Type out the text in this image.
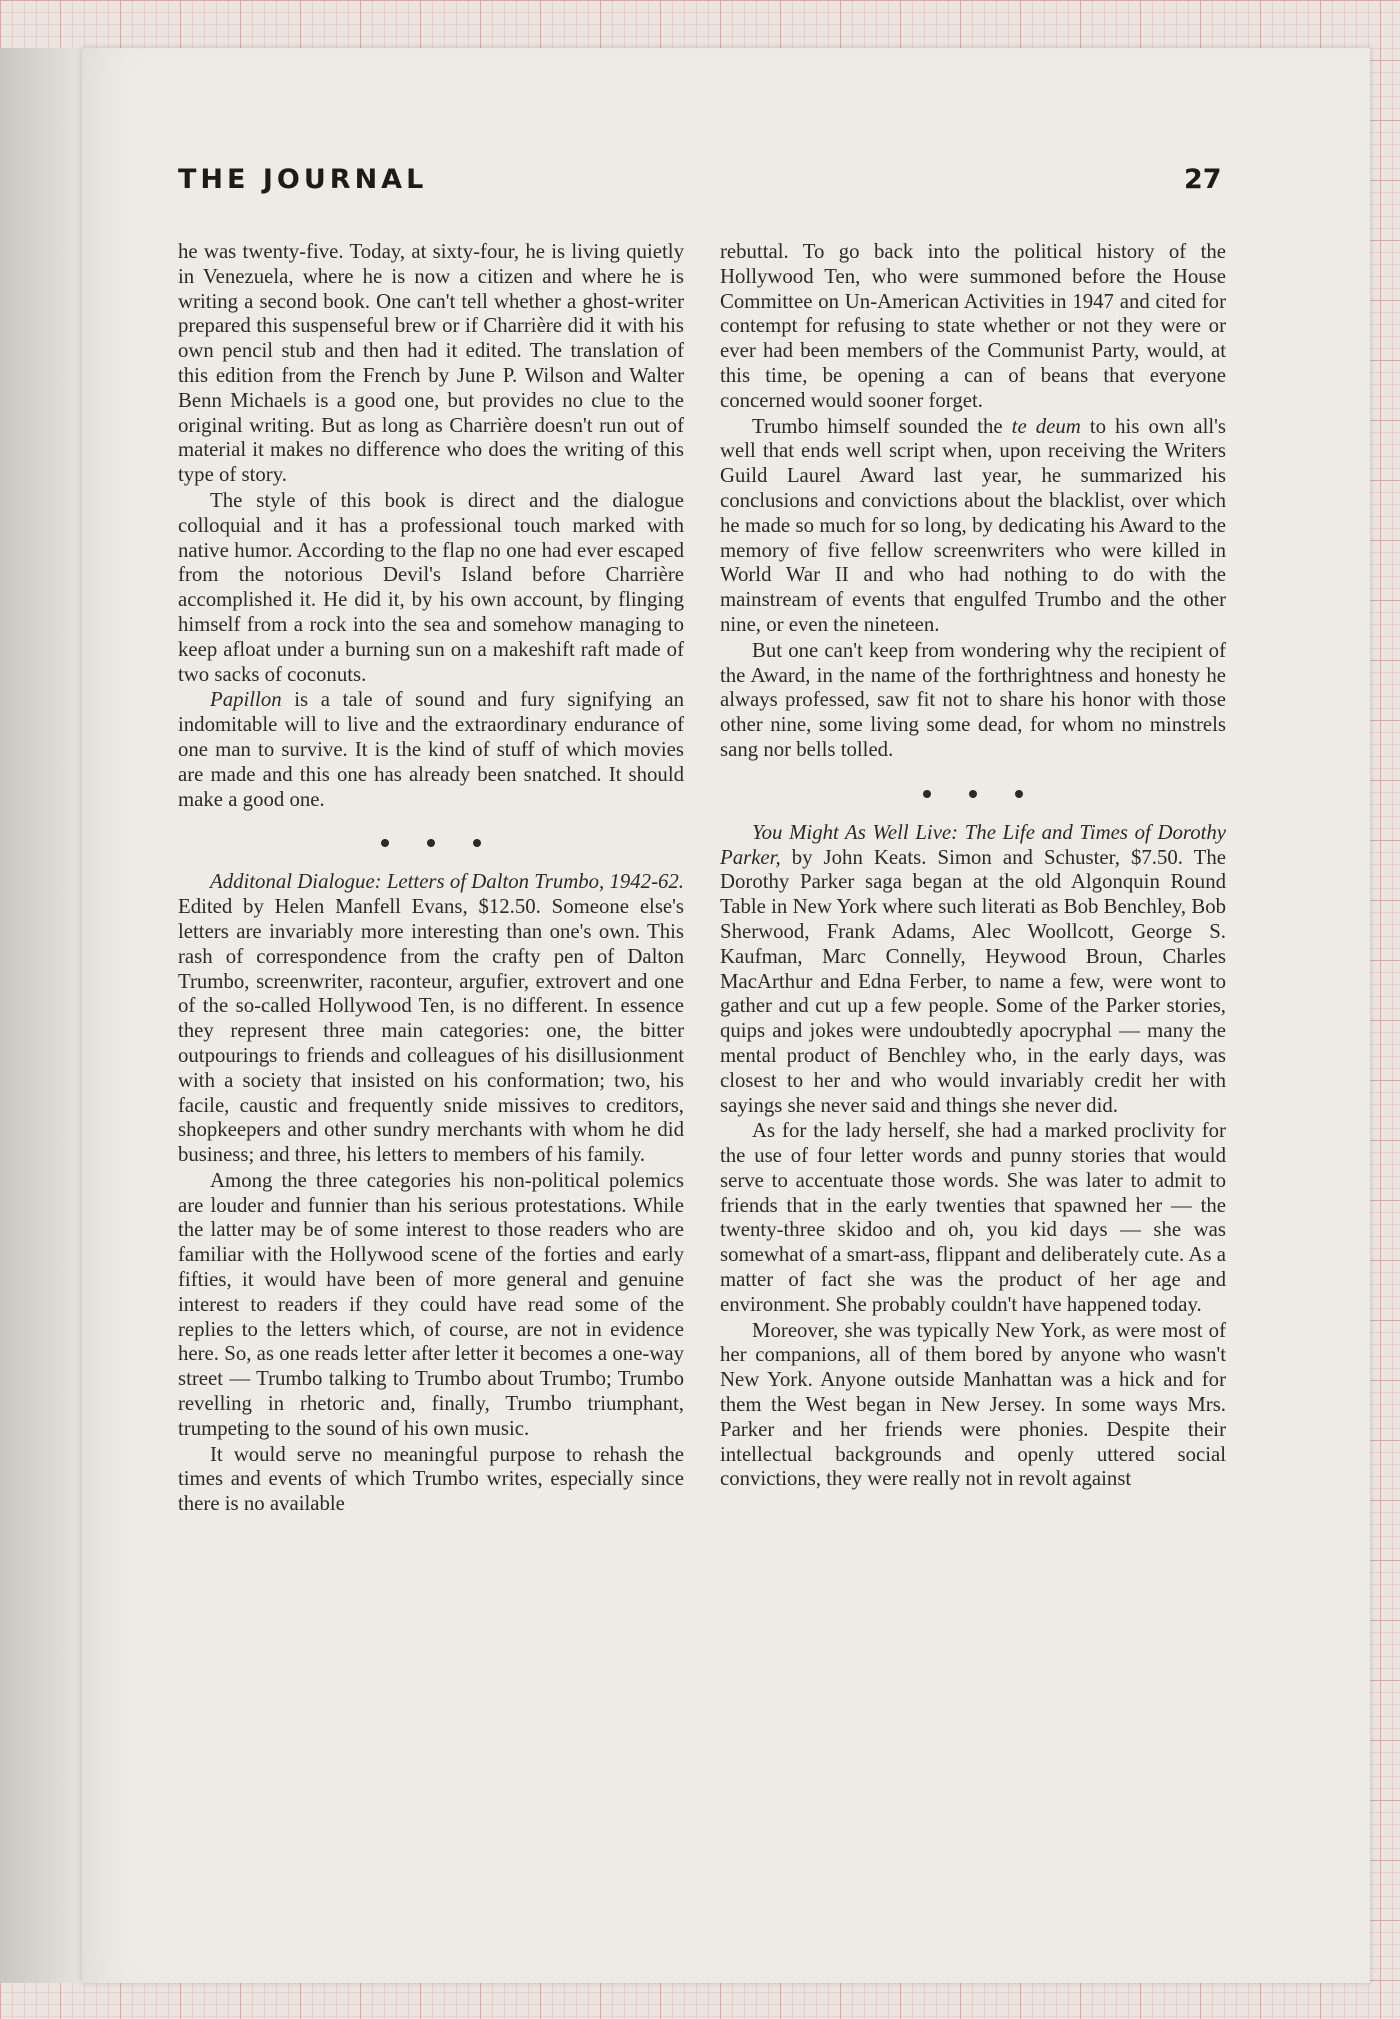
THE JOURNAL	27

he was twenty-five. Today, at sixty-four, he is living quietly in Venezuela, where he is now a citizen and where he is writing a second book. One can't tell whether a ghost-writer prepared this suspenseful brew or if Charrière did it with his own pencil stub and then had it edited. The translation of this edition from the French by June P. Wilson and Walter Benn Michaels is a good one, but provides no clue to the original writing. But as long as Charrière doesn't run out of material it makes no difference who does the writing of this type of story.

The style of this book is direct and the dialogue colloquial and it has a professional touch marked with native humor. According to the flap no one had ever escaped from the notorious Devil's Island before Charrière accomplished it. He did it, by his own account, by flinging himself from a rock into the sea and somehow managing to keep afloat under a burning sun on a makeshift raft made of two sacks of coconuts.

Papillon is a tale of sound and fury signifying an indomitable will to live and the extraordinary endurance of one man to survive. It is the kind of stuff of which movies are made and this one has already been snatched. It should make a good one.

Additonal Dialogue: Letters of Dalton Trumbo, 1942-62. Edited by Helen Manfell Evans, $12.50. Someone else's letters are invariably more interesting than one's own. This rash of correspondence from the crafty pen of Dalton Trumbo, screenwriter, raconteur, argufier, extrovert and one of the so-called Hollywood Ten, is no different. In essence they represent three main categories: one, the bitter outpourings to friends and colleagues of his disillusionment with a society that insisted on his conformation; two, his facile, caustic and frequently snide missives to creditors, shopkeepers and other sundry merchants with whom he did business; and three, his letters to members of his family.

Among the three categories his non-political polemics are louder and funnier than his serious protestations. While the latter may be of some interest to those readers who are familiar with the Hollywood scene of the forties and early fifties, it would have been of more general and genuine interest to readers if they could have read some of the replies to the letters which, of course, are not in evidence here. So, as one reads letter after letter it becomes a one-way street — Trumbo talking to Trumbo about Trumbo; Trumbo revelling in rhetoric and, finally, Trumbo triumphant, trumpeting to the sound of his own music.

It would serve no meaningful purpose to rehash the times and events of which Trumbo writes, especially since there is no available

rebuttal. To go back into the political history of the Hollywood Ten, who were summoned before the House Committee on Un-American Activities in 1947 and cited for contempt for refusing to state whether or not they were or ever had been members of the Communist Party, would, at this time, be opening a can of beans that everyone concerned would sooner forget.

Trumbo himself sounded the te deum to his own all's well that ends well script when, upon receiving the Writers Guild Laurel Award last year, he summarized his conclusions and convictions about the blacklist, over which he made so much for so long, by dedicating his Award to the memory of five fellow screenwriters who were killed in World War II and who had nothing to do with the mainstream of events that engulfed Trumbo and the other nine, or even the nineteen.

But one can't keep from wondering why the recipient of the Award, in the name of the forthrightness and honesty he always professed, saw fit not to share his honor with those other nine, some living some dead, for whom no minstrels sang nor bells tolled.

You Might As Well Live: The Life and Times of Dorothy Parker, by John Keats. Simon and Schuster, $7.50. The Dorothy Parker saga began at the old Algonquin Round Table in New York where such literati as Bob Benchley, Bob Sherwood, Frank Adams, Alec Woollcott, George S. Kaufman, Marc Connelly, Heywood Broun, Charles MacArthur and Edna Ferber, to name a few, were wont to gather and cut up a few people. Some of the Parker stories, quips and jokes were undoubtedly apocryphal — many the mental product of Benchley who, in the early days, was closest to her and who would invariably credit her with sayings she never said and things she never did.

As for the lady herself, she had a marked proclivity for the use of four letter words and punny stories that would serve to accentuate those words. She was later to admit to friends that in the early twenties that spawned her — the twenty-three skidoo and oh, you kid days — she was somewhat of a smart-ass, flippant and deliberately cute. As a matter of fact she was the product of her age and environment. She probably couldn't have happened today.

Moreover, she was typically New York, as were most of her companions, all of them bored by anyone who wasn't New York. Anyone outside Manhattan was a hick and for them the West began in New Jersey. In some ways Mrs. Parker and her friends were phonies. Despite their intellectual backgrounds and openly uttered social convictions, they were really not in revolt against
